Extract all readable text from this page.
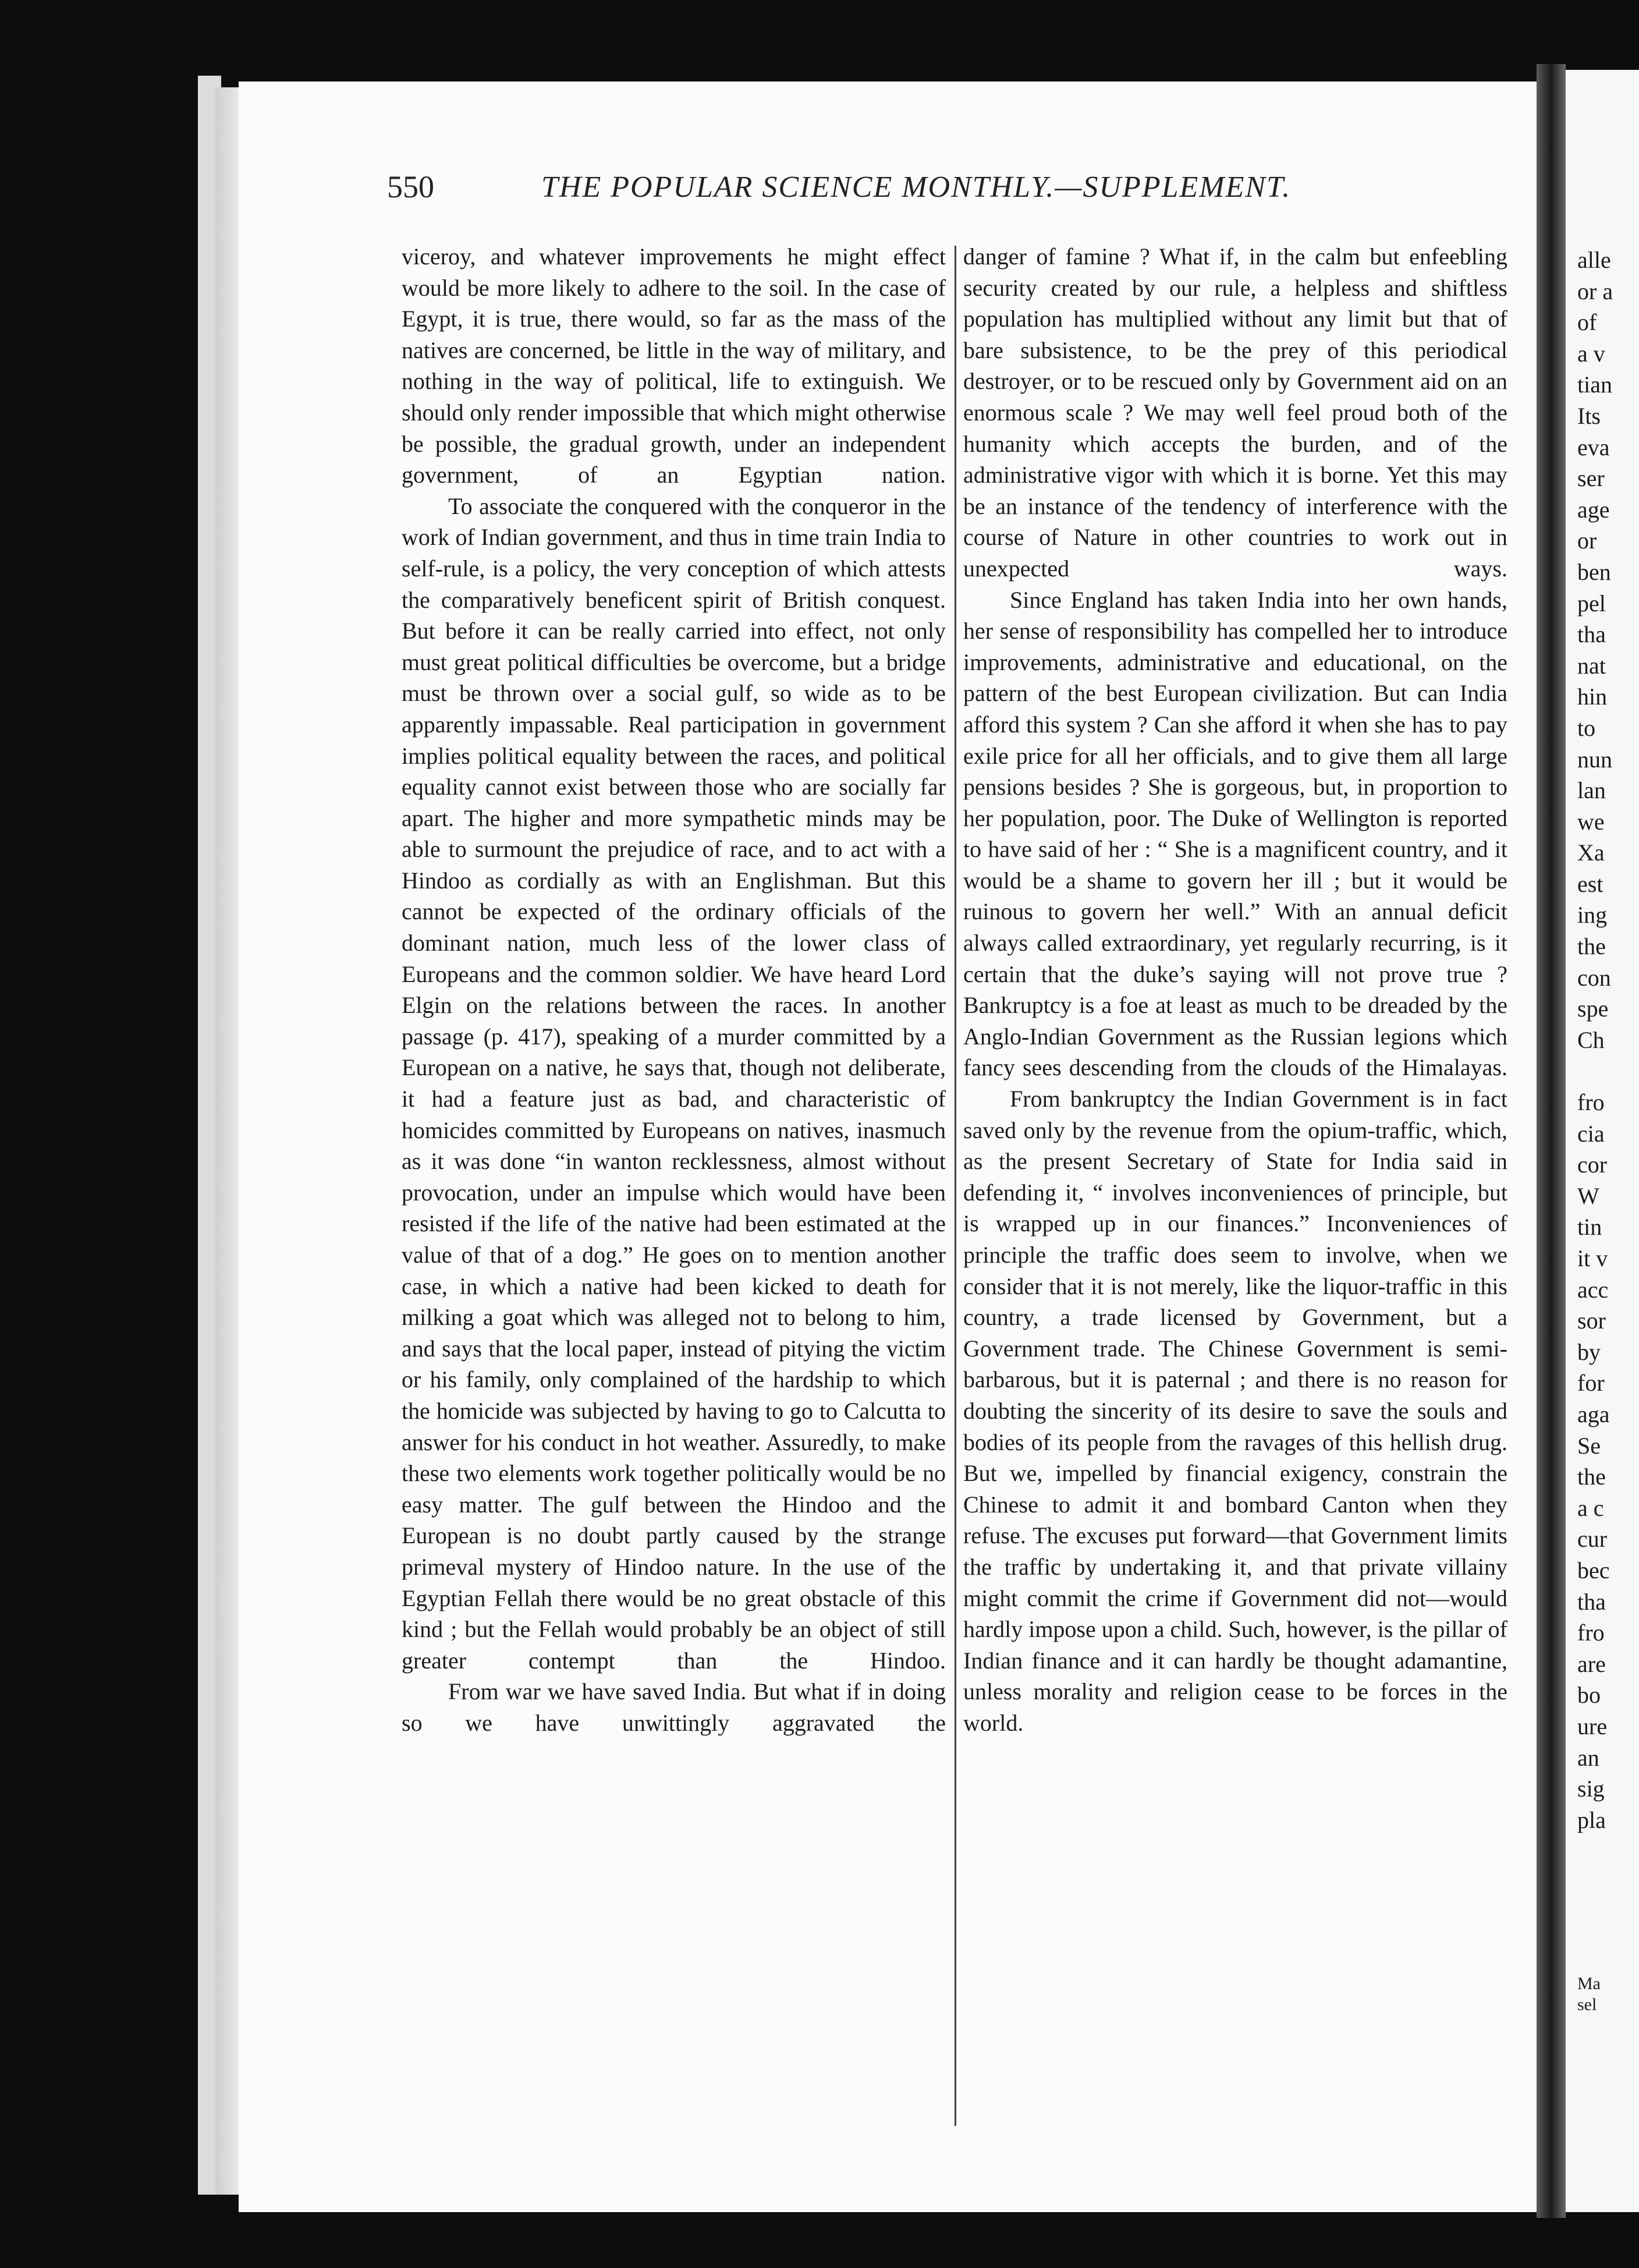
alle
or a
of
a v
tian
Its
eva
ser
age
or
ben
pel
tha
nat
hin
to
nun
lan
we
Xa
est
ing
the
con
spe
Ch

fro
cia
cor
W
tin
it v
acc
sor
by
for
aga
Se
the
a c
cur
bec
tha
fro
are
bo
ure
an
sig
pla
Ma
sel
550	THE POPULAR SCIENCE MONTHLY.—SUPPLEMENT.

viceroy, and whatever improvements he might effect would be more likely to adhere to the soil. In the case of Egypt, it is true, there would, so far as the mass of the natives are concerned, be little in the way of military, and nothing in the way of political, life to extinguish. We should only render impossible that which might otherwise be possible, the gradual growth, under an independent government, of an Egyptian nation.

To associate the conquered with the conqueror in the work of Indian government, and thus in time train India to self-rule, is a policy, the very conception of which attests the comparatively beneficent spirit of British conquest. But before it can be really carried into effect, not only must great political difficulties be overcome, but a bridge must be thrown over a social gulf, so wide as to be apparently impassable. Real participation in government implies political equality between the races, and political equality cannot exist between those who are socially far apart. The higher and more sympathetic minds may be able to surmount the prejudice of race, and to act with a Hindoo as cordially as with an Englishman. But this cannot be expected of the ordinary officials of the dominant nation, much less of the lower class of Europeans and the common soldier. We have heard Lord Elgin on the relations between the races. In another passage (p. 417), speaking of a murder committed by a European on a native, he says that, though not deliberate, it had a feature just as bad, and characteristic of homicides committed by Europeans on natives, inasmuch as it was done “in wanton recklessness, almost without provocation, under an impulse which would have been resisted if the life of the native had been estimated at the value of that of a dog.” He goes on to mention another case, in which a native had been kicked to death for milking a goat which was alleged not to belong to him, and says that the local paper, instead of pitying the victim or his family, only complained of the hardship to which the homicide was subjected by having to go to Calcutta to answer for his conduct in hot weather. Assuredly, to make these two elements work together politically would be no easy matter. The gulf between the Hindoo and the European is no doubt partly caused by the strange primeval mystery of Hindoo nature. In the use of the Egyptian Fellah there would be no great obstacle of this kind ; but the Fellah would probably be an object of still greater contempt than the Hindoo.

From war we have saved India. But what if in doing so we have unwittingly aggravated the

danger of famine ? What if, in the calm but enfeebling security created by our rule, a helpless and shiftless population has multiplied without any limit but that of bare subsistence, to be the prey of this periodical destroyer, or to be rescued only by Government aid on an enormous scale ? We may well feel proud both of the humanity which accepts the burden, and of the administrative vigor with which it is borne. Yet this may be an instance of the tendency of interference with the course of Nature in other countries to work out in unexpected ways.

Since England has taken India into her own hands, her sense of responsibility has compelled her to introduce improvements, administrative and educational, on the pattern of the best European civilization. But can India afford this system ? Can she afford it when she has to pay exile price for all her officials, and to give them all large pensions besides ? She is gorgeous, but, in proportion to her population, poor. The Duke of Wellington is reported to have said of her : “ She is a magnificent country, and it would be a shame to govern her ill ; but it would be ruinous to govern her well.” With an annual deficit always called extraordinary, yet regularly recurring, is it certain that the duke’s saying will not prove true ? Bankruptcy is a foe at least as much to be dreaded by the Anglo-Indian Government as the Russian legions which fancy sees descending from the clouds of the Himalayas.

From bankruptcy the Indian Government is in fact saved only by the revenue from the opium-traffic, which, as the present Secretary of State for India said in defending it, “ involves inconveniences of principle, but is wrapped up in our finances.” Inconveniences of principle the traffic does seem to involve, when we consider that it is not merely, like the liquor-traffic in this country, a trade licensed by Government, but a Government trade. The Chinese Government is semi-barbarous, but it is paternal ; and there is no reason for doubting the sincerity of its desire to save the souls and bodies of its people from the ravages of this hellish drug. But we, impelled by financial exigency, constrain the Chinese to admit it and bombard Canton when they refuse. The excuses put forward—that Government limits the traffic by undertaking it, and that private villainy might commit the crime if Government did not—would hardly impose upon a child. Such, however, is the pillar of Indian finance and it can hardly be thought adamantine, unless morality and religion cease to be forces in the world.
